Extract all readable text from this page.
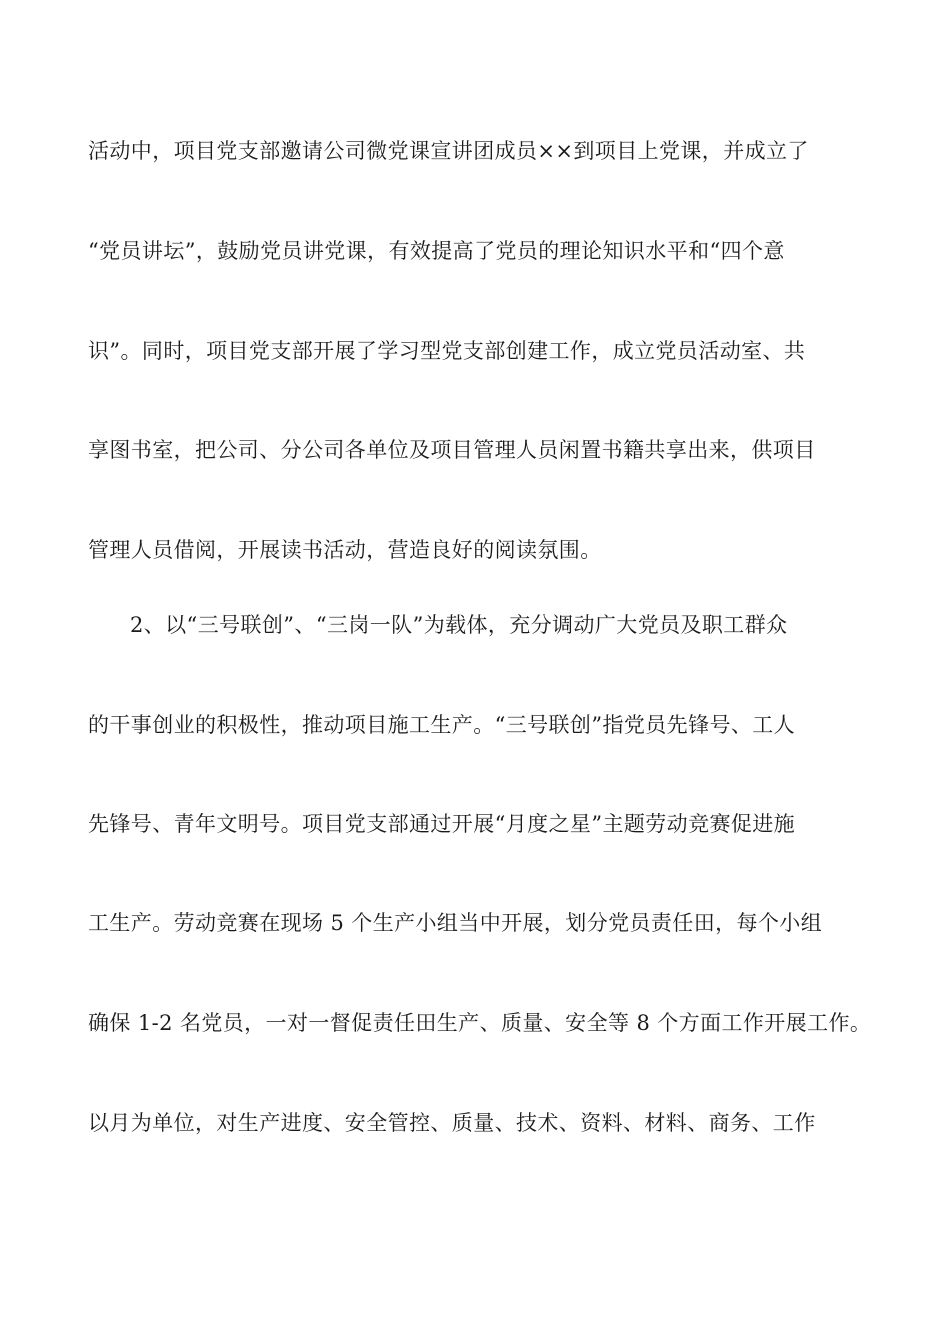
活动中，项目党支部邀请公司微党课宣讲团成员××到项目上党课，并成立了
“党员讲坛”，鼓励党员讲党课，有效提高了党员的理论知识水平和“四个意
识”。同时，项目党支部开展了学习型党支部创建工作，成立党员活动室、共
享图书室，把公司、分公司各单位及项目管理人员闲置书籍共享出来，供项目
管理人员借阅，开展读书活动，营造良好的阅读氛围。
2、以“三号联创”、“三岗一队”为载体，充分调动广大党员及职工群众
的干事创业的积极性，推动项目施工生产。“三号联创”指党员先锋号、工人
先锋号、青年文明号。项目党支部通过开展“月度之星”主题劳动竞赛促进施
工生产。劳动竞赛在现场 5 个生产小组当中开展，划分党员责任田，每个小组
确保 1-2 名党员，一对一督促责任田生产、质量、安全等 8 个方面工作开展工作。
以月为单位，对生产进度、安全管控、质量、技术、资料、材料、商务、工作
